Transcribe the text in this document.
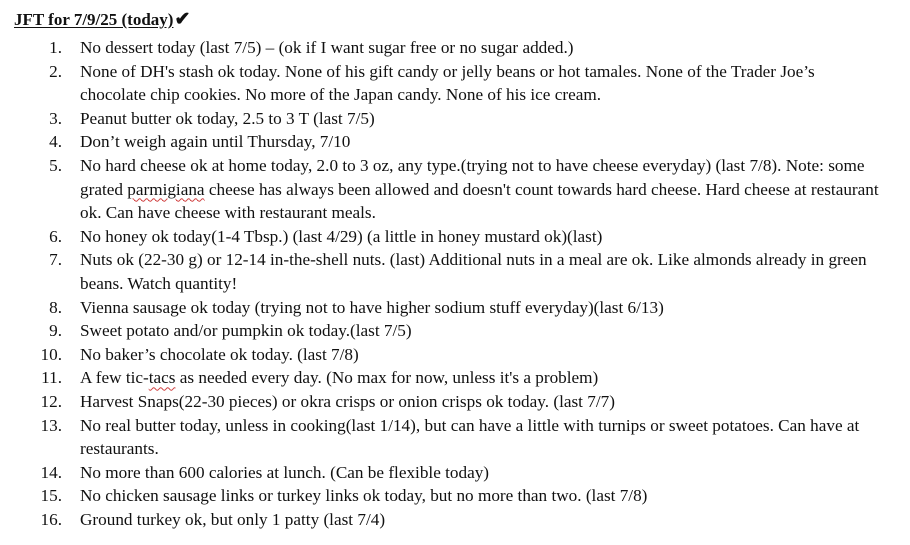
JFT for 7/9/25 (today)✔
1. No dessert today (last 7/5) – (ok if I want sugar free or no sugar added.)
2. None of DH's stash ok today. None of his gift candy or jelly beans or hot tamales. None of the Trader Joe’s chocolate chip cookies. No more of the Japan candy. None of his ice cream.
3. Peanut butter ok today, 2.5 to 3 T (last 7/5)
4. Don’t weigh again until Thursday, 7/10
5. No hard cheese ok at home today, 2.0 to 3 oz, any type.(trying not to have cheese everyday) (last 7/8). Note: some grated parmigiana cheese has always been allowed and doesn't count towards hard cheese. Hard cheese at restaurant ok. Can have cheese with restaurant meals.
6. No honey ok today(1-4 Tbsp.) (last 4/29) (a little in honey mustard ok)(last)
7. Nuts ok (22-30 g) or 12-14 in-the-shell nuts. (last) Additional nuts in a meal are ok. Like almonds already in green beans. Watch quantity!
8. Vienna sausage ok today (trying not to have higher sodium stuff everyday)(last 6/13)
9. Sweet potato and/or pumpkin ok today.(last 7/5)
10. No baker’s chocolate ok today. (last 7/8)
11. A few tic-tacs as needed every day. (No max for now, unless it's a problem)
12. Harvest Snaps(22-30 pieces) or okra crisps or onion crisps ok today. (last 7/7)
13. No real butter today, unless in cooking(last 1/14), but can have a little with turnips or sweet potatoes. Can have at restaurants.
14. No more than 600 calories at lunch. (Can be flexible today)
15. No chicken sausage links or turkey links ok today, but no more than two. (last 7/8)
16. Ground turkey ok, but only 1 patty (last 7/4)
